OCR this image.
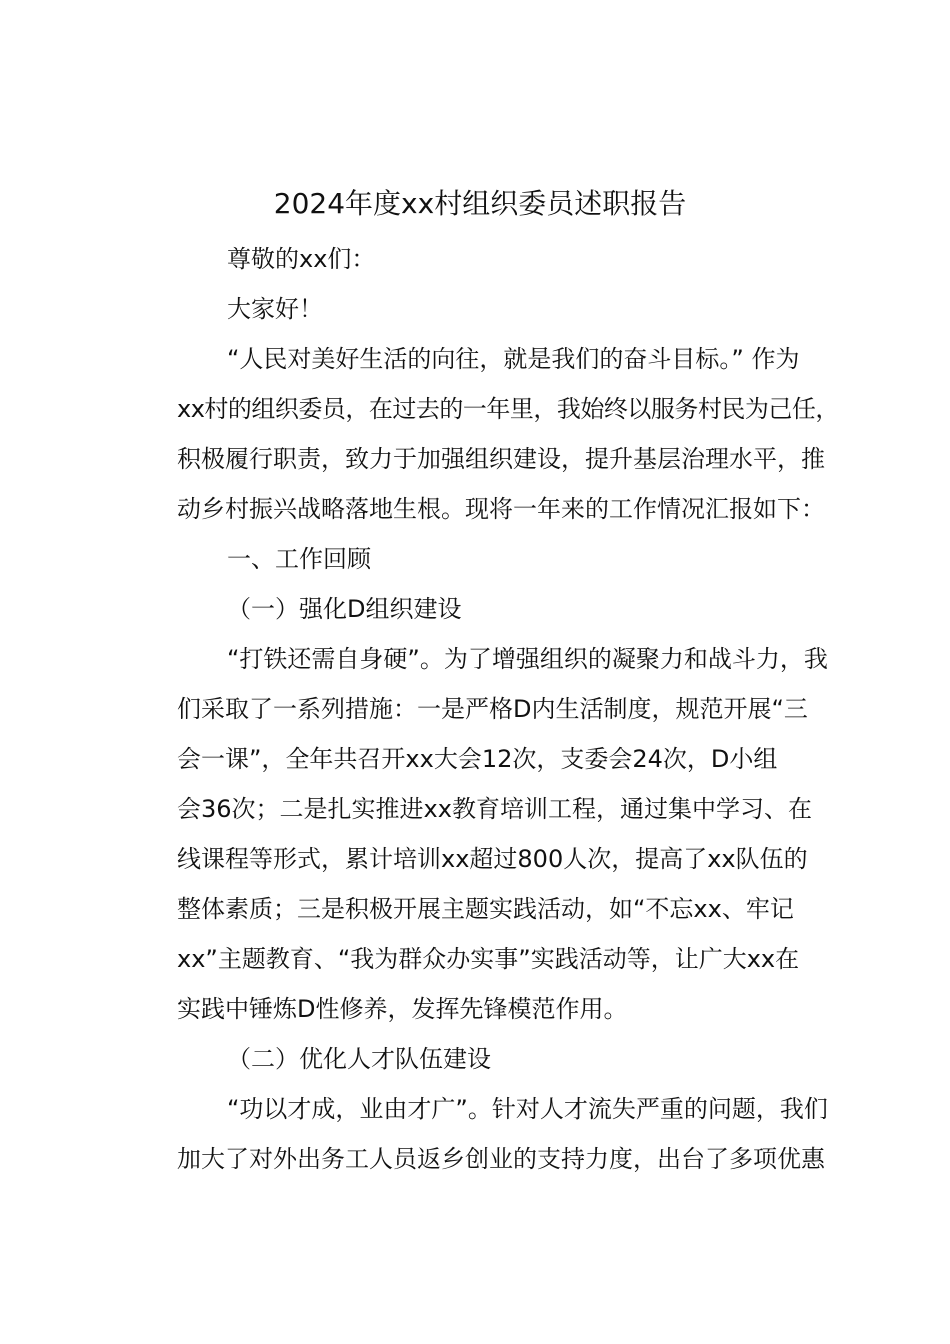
2024年度xx村组织委员述职报告
尊敬的xx们：
大家好！
“人民对美好生活的向往，就是我们的奋斗目标。” 作为
xx村的组织委员，在过去的一年里，我始终以服务村民为己任，
积极履行职责，致力于加强组织建设，提升基层治理水平，推
动乡村振兴战略落地生根。现将一年来的工作情况汇报如下：
一、工作回顾
（一）强化D组织建设
“打铁还需自身硬”。为了增强组织的凝聚力和战斗力，我
们采取了一系列措施：一是严格D内生活制度，规范开展“三
会一课”，全年共召开xx大会12次，支委会24次，D小组
会36次；二是扎实推进xx教育培训工程，通过集中学习、在
线课程等形式，累计培训xx超过800人次，提高了xx队伍的
整体素质；三是积极开展主题实践活动，如“不忘xx、牢记
xx”主题教育、“我为群众办实事”实践活动等，让广大xx在
实践中锤炼D性修养，发挥先锋模范作用。
（二）优化人才队伍建设
“功以才成，业由才广”。针对人才流失严重的问题，我们
加大了对外出务工人员返乡创业的支持力度，出台了多项优惠
